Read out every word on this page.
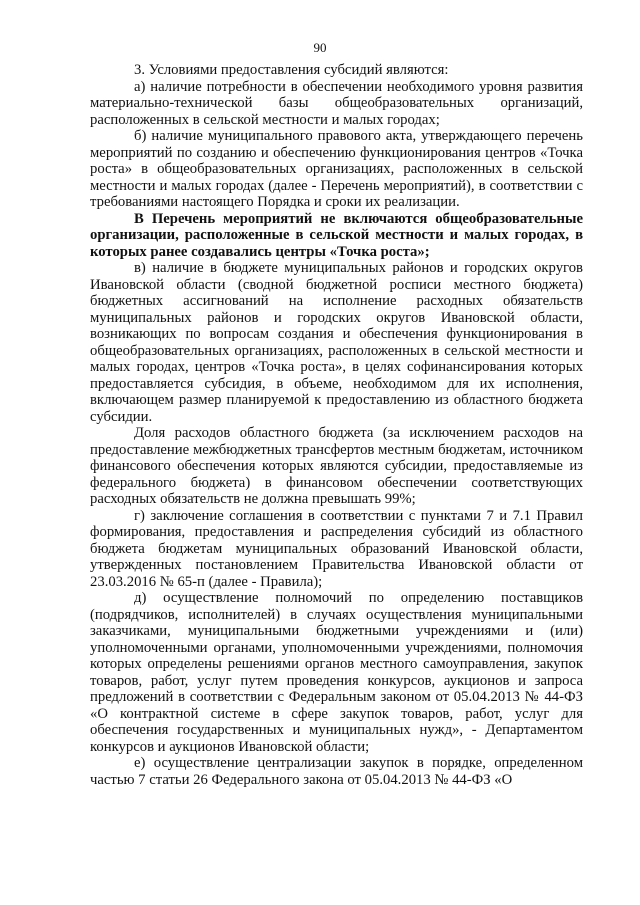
90

3. Условиями предоставления субсидий являются:

а) наличие потребности в обеспечении необходимого уровня развития материально-технической базы общеобразовательных организаций, расположенных в сельской местности и малых городах;

б) наличие муниципального правового акта, утверждающего перечень мероприятий по созданию и обеспечению функционирования центров «Точка роста» в общеобразовательных организациях, расположенных в сельской местности и малых городах (далее - Перечень мероприятий), в соответствии с требованиями настоящего Порядка и сроки их реализации.

В Перечень мероприятий не включаются общеобразовательные организации, расположенные в сельской местности и малых городах, в которых ранее создавались центры «Точка роста»;

в) наличие в бюджете муниципальных районов и городских округов Ивановской области (сводной бюджетной росписи местного бюджета) бюджетных ассигнований на исполнение расходных обязательств муниципальных районов и городских округов Ивановской области, возникающих по вопросам создания и обеспечения функционирования в общеобразовательных организациях, расположенных в сельской местности и малых городах, центров «Точка роста», в целях софинансирования которых предоставляется субсидия, в объеме, необходимом для их исполнения, включающем размер планируемой к предоставлению из областного бюджета субсидии.

Доля расходов областного бюджета (за исключением расходов на предоставление межбюджетных трансфертов местным бюджетам, источником финансового обеспечения которых являются субсидии, предоставляемые из федерального бюджета) в финансовом обеспечении соответствующих расходных обязательств не должна превышать 99%;

г) заключение соглашения в соответствии с пунктами 7 и 7.1 Правил формирования, предоставления и распределения субсидий из областного бюджета бюджетам муниципальных образований Ивановской области, утвержденных постановлением Правительства Ивановской области от 23.03.2016 № 65-п (далее - Правила);

д) осуществление полномочий по определению поставщиков (подрядчиков, исполнителей) в случаях осуществления муниципальными заказчиками, муниципальными бюджетными учреждениями и (или) уполномоченными органами, уполномоченными учреждениями, полномочия которых определены решениями органов местного самоуправления, закупок товаров, работ, услуг путем проведения конкурсов, аукционов и запроса предложений в соответствии с Федеральным законом от 05.04.2013 № 44-ФЗ «О контрактной системе в сфере закупок товаров, работ, услуг для обеспечения государственных и муниципальных нужд», - Департаментом конкурсов и аукционов Ивановской области;

е) осуществление централизации закупок в порядке, определенном частью 7 статьи 26 Федерального закона от 05.04.2013 № 44-ФЗ «О
